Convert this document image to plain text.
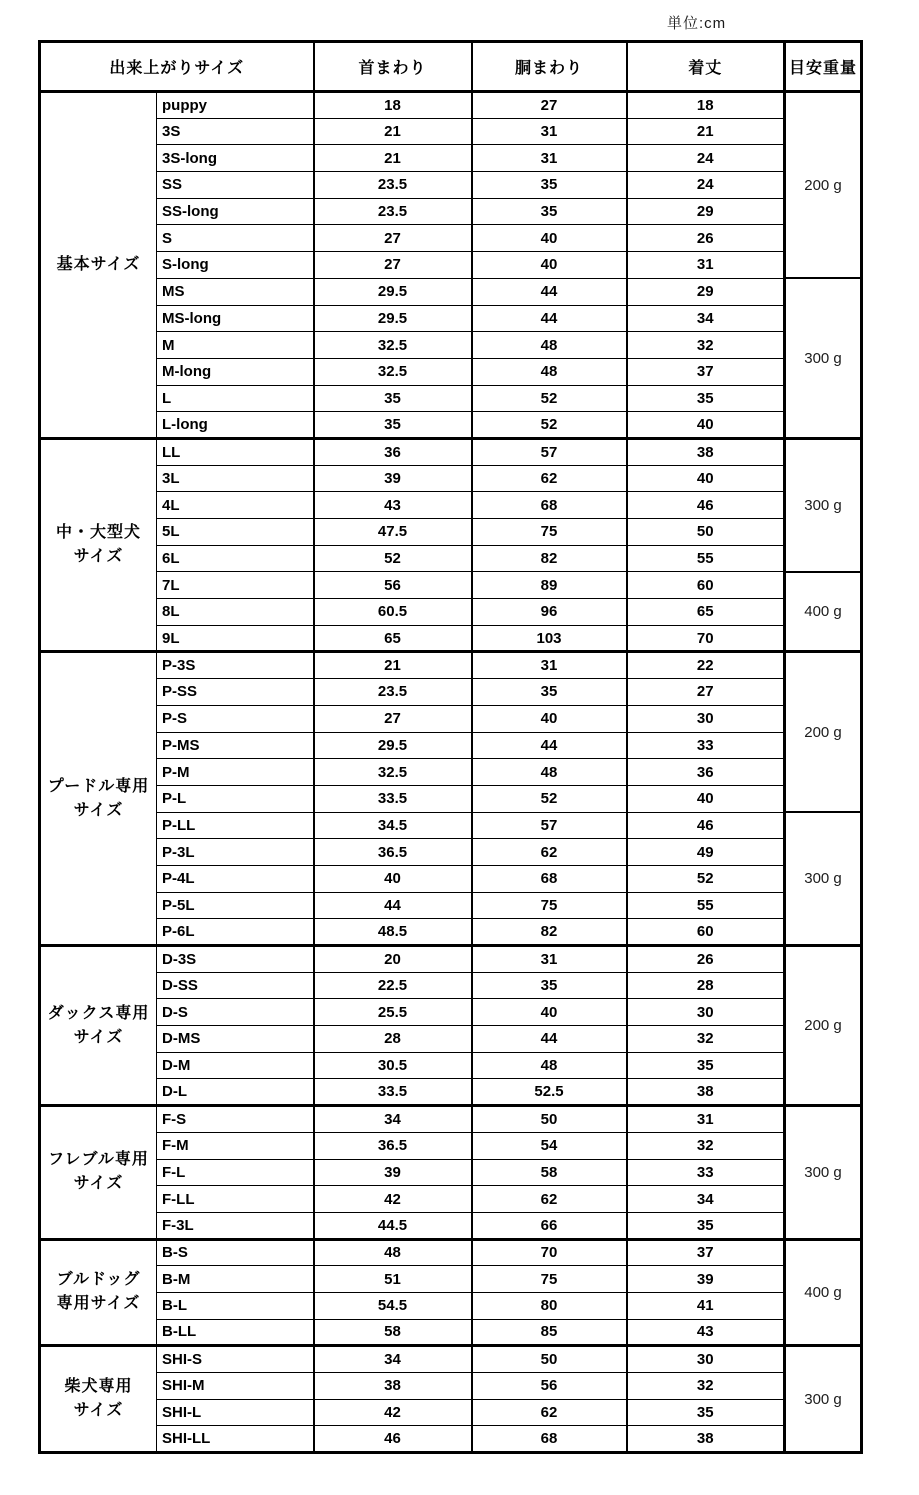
単位:cm
出来上がりサイズ		首まわり	胴まわり	着丈	目安重量

基本サイズ	puppy	18	27	18	200 g
	3S	21	31	21	
	3S-long	21	31	24	
	SS	23.5	35	24	
	SS-long	23.5	35	29	
	S	27	40	26	
	S-long	27	40	31	
	MS	29.5	44	29	300 g
	MS-long	29.5	44	34	
	M	32.5	48	32	
	M-long	32.5	48	37	
	L	35	52	35	
	L-long	35	52	40	

中・大型犬
サイズ	LL	36	57	38	300 g
	3L	39	62	40	
	4L	43	68	46	
	5L	47.5	75	50	
	6L	52	82	55	
	7L	56	89	60	400 g
	8L	60.5	96	65	
	9L	65	103	70	

プードル専用
サイズ	P-3S	21	31	22	200 g
	P-SS	23.5	35	27	
	P-S	27	40	30	
	P-MS	29.5	44	33	
	P-M	32.5	48	36	
	P-L	33.5	52	40	
	P-LL	34.5	57	46	300 g
	P-3L	36.5	62	49	
	P-4L	40	68	52	
	P-5L	44	75	55	
	P-6L	48.5	82	60	

ダックス専用
サイズ	D-3S	20	31	26	200 g
	D-SS	22.5	35	28	
	D-S	25.5	40	30	
	D-MS	28	44	32	
	D-M	30.5	48	35	
	D-L	33.5	52.5	38	

フレブル専用
サイズ	F-S	34	50	31	300 g
	F-M	36.5	54	32	
	F-L	39	58	33	
	F-LL	42	62	34	
	F-3L	44.5	66	35	

ブルドッグ
専用サイズ	B-S	48	70	37	400 g
	B-M	51	75	39	
	B-L	54.5	80	41	
	B-LL	58	85	43	

柴犬専用
サイズ	SHI-S	34	50	30	300 g
	SHI-M	38	56	32	
	SHI-L	42	62	35	
	SHI-LL	46	68	38	
